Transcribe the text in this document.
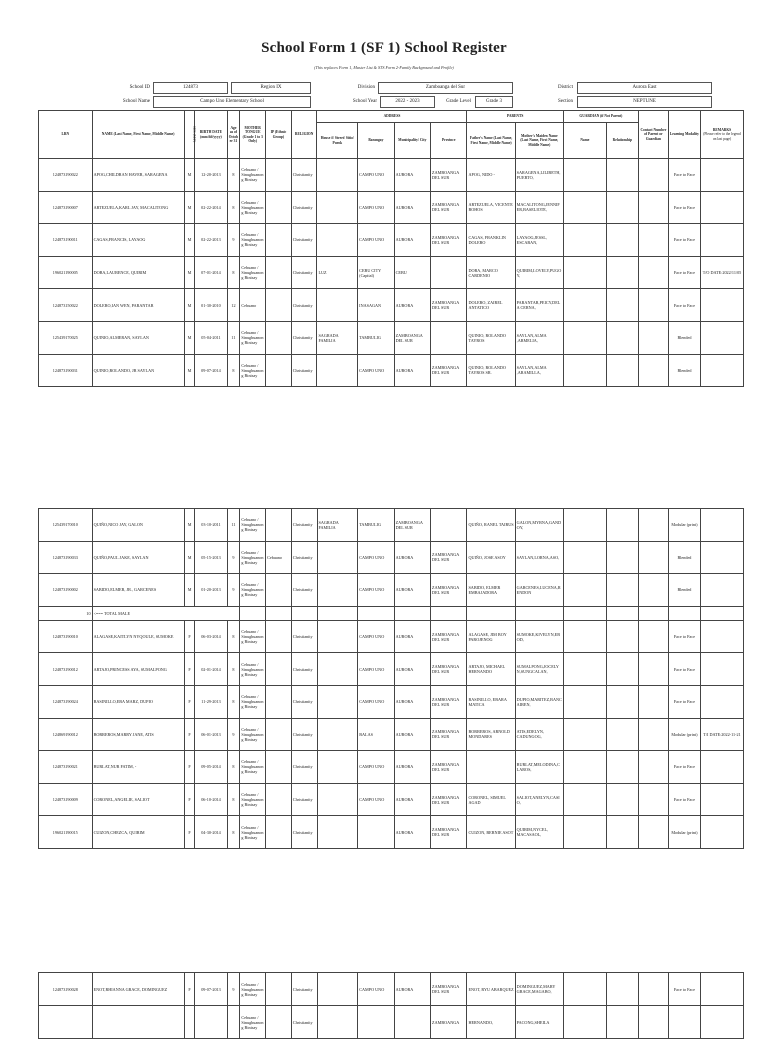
School Form 1 (SF 1) School Register
(This replaces Form 1, Master List & STS Form 2-Family Background and Profile)
School ID	124873	Region IX	Division	Zamboanga del Sur	District	Aurora East
School Name	Campo Uno Elementary School	School Year	2022 - 2023	Grade Level	Grade 3	Section	NEPTUNE
LRN	NAME (Last Name, First Name, Middle Name)	SEX (M/F)	BIRTH DATE (mm/dd/yyyy)	Age as of October 31	MOTHER TONGUE (Grade 1 to 3 Only)	IP (Ethnic Group)	RELIGION	ADDRESS				PARENTS		GUARDIAN (if Not Parent)		Contact Number of Parent or Guardian	Learning Modality	REMARKS
(Please refer to the legend on last page)

								House #/ Street/ Sitio/ Purok	Barangay	Municipality/ City	Province	Father's Name (Last Name, First Name, Middle Name)	Mother's Maiden Name (Last Name, First Name, Middle Name)	Name	Relationship			
124873190022	APOG,CHILDRAN HAVER, SARAGENA	M	12-20-2013	8	Cebuano / Sinugbuanong Binisay		Christianity		CAMPO UNO	AURORA	ZAMBOANGA DEL SUR	APOG, NIDO -	SARAGENA,LILIBETH,PUERTO,				Face to Face	
124873190007	ARTEZUELA,KARL JAY, MACALITONG	M	02-22-2014	8	Cebuano / Sinugbuanong Binisay		Christianity		CAMPO UNO	AURORA	ZAMBOANGA DEL SUR	ARTEZUELA, VICENTE BOHOS	MACALITONG,JENNIFER,BASELIOTE,				Face to Face	
124873190011	CAGAS,FRANCIS, LAYAOG	M	02-22-2013	9	Cebuano / Sinugbuanong Binisay		Christianity		CAMPO UNO	AURORA	ZAMBOANGA DEL SUR	CAGAS, FRANKLIN DOLERO	LAYAOG,JESSL, ESCABAN,				Face to Face	
196021190005	DOBA,LAURENCE, QUIRIM	M	07-01-2014	8	Cebuano / Sinugbuanong Binisay		Christianity	LUZ	CEBU CITY (Capital)	CEBU		DOBA, MARCO CARDENIO	QUIRIM,LOVELY,PUGOY,				Face to Face	T/O DATE:2022/11/05
124873150022	DOLERO,IAN WEN, PARANTAR	M	01-30-2010	12	Cebuano		Christianity		INASAGAN	AURORA	ZAMBOANGA DEL SUR	DOLERO, ZAIREL ANTATICO	PARANTAR,PEICY,DELA CERNA,				Face to Face	
125439170025	QUINIO,ALMERAN, SAYLAN	M	05-04-2011	11	Cebuano / Sinugbuanong Binisay		Christianity	SAGRADA FAMILIA	TAMBULIG	ZAMBOANGA DEL SUR		QUINIO, ROLANDO TAYROS	SAYLAN,ALMA ,ARMELIA,				Blended	
124873190031	QUINIO,ROLANDO, JR SAYLAN	M	09-07-2014	8	Cebuano / Sinugbuanong Binisay		Christianity		CAMPO UNO	AURORA	ZAMBOANGA DEL SUR	QUINIO, ROLANDO TAYROS SR.	SAYLAN,ALMA ,ARAMILLA,				Blended	
125439170010	QUIÑO,NICO JAY, GALON	M	03-10-2011	11	Cebuano / Sinugbuanong Binisay		Christianity	SAGRADA FAMILIA	TAMBULIG	ZAMBOANGA DEL SUR		QUIÑO, RANEL TAIRUS	GALON,MYRNA,GANDOY,				Modular (print)	
124873190033	QUIÑO,PAUL JAKE, SAYLAN	M	05-15-2013	9	Cebuano / Sinugbuanong Binisay	Cebuano	Christianity		CAMPO UNO	AURORA	ZAMBOANGA DEL SUR	QUIÑO, JOSE ASOY	SAYLAN,LORNA,ASO,				Blended	
124873190002	SABIDO,ELMER, JR., GARCENES	M	01-20-2013	9	Cebuano / Sinugbuanong Binisay		Christianity		CAMPO UNO	AURORA	ZAMBOANGA DEL SUR	SABIDO, ELMER EMBAJADORA	GARCENES,LUCENA,RENDON				Blended	
10	<=== TOTAL MALE																	
124873190010	ALAGASE,KAITLYN NYQOULE, SUMOKE	F	06-03-2014	8	Cebuano / Sinugbuanong Binisay		Christianity		CAMPO UNO	AURORA	ZAMBOANGA DEL SUR	ALAGASE, JIM BOY PAROJENOG	SUMOKE,KIVELYN,EBOD,				Face to Face	
124873190012	ARTAJO,PRINCESS AYA, SUMALPONG	F	02-01-2014	8	Cebuano / Sinugbuanong Binisay		Christianity		CAMPO UNO	AURORA	ZAMBOANGA DEL SUR	ARTAJO, MICHAEL HERNANDO	SUMALPONG,JOCELYN,SUNGCALAN,				Face to Face	
124873190024	BASINILLO,EBA MARZ, DUPIO	F	11-29-2013	8	Cebuano / Sinugbuanong Binisay		Christianity		CAMPO UNO	AURORA	ZAMBOANGA DEL SUR	BASINILLO, EBARA MATICA	DUPIO,MARITEZ,BANCAIREN,				Face to Face	
124869190012	BORREROS,MARRY JANE, ATIS	F	06-01-2013	9	Cebuano / Sinugbuanong Binisay		Christianity		BALAS	AURORA	ZAMBOANGA DEL SUR	BORREROS, ARNOLD MONDARES	ATIS,EDELYN, CADUNGOG,				Modular (print)	T/I DATE:2022-11-21
124873190021	BURLAT,NUR FATIM, -	F	09-05-2014	8	Cebuano / Sinugbuanong Binisay		Christianity		CAMPO UNO	AURORA	ZAMBOANGA DEL SUR		BURLAT,MELODINA,CLAROS,				Face to Face	
124873190009	CORONEL,ANGELIE, SALIOT	F	06-10-2014	8	Cebuano / Sinugbuanong Binisay		Christianity		CAMPO UNO	AURORA	ZAMBOANGA DEL SUR	CORONEL, SIMUEL AGAD	SALIOT,ANELYN,CASIO,				Face to Face	
196021190015	CUIZON,CHEZCA, QUIRIM	F	04-30-2014	8	Cebuano / Sinugbuanong Binisay		Christianity			AURORA	ZAMBOANGA DEL SUR	CUIZON, BERNIE ASOT	QUIRIM,NYCEL, MACASAOL,				Modular (print)	
124873190028	ENOT,RHIANNA GRACE, DOMINGUEZ	F	09-07-2013	9	Cebuano / Sinugbuanong Binisay		Christianity		CAMPO UNO	AURORA	ZAMBOANGA DEL SUR	ENOT, RYU ABARQUEZ	DOMINGUEZ,MARY GRACE,MAGABO,				Face to Face	
					Cebuano / Sinugbuanong Binisay		Christianity				ZAMBOANGA	HERNANDO,	PACONG,SHEILA					
